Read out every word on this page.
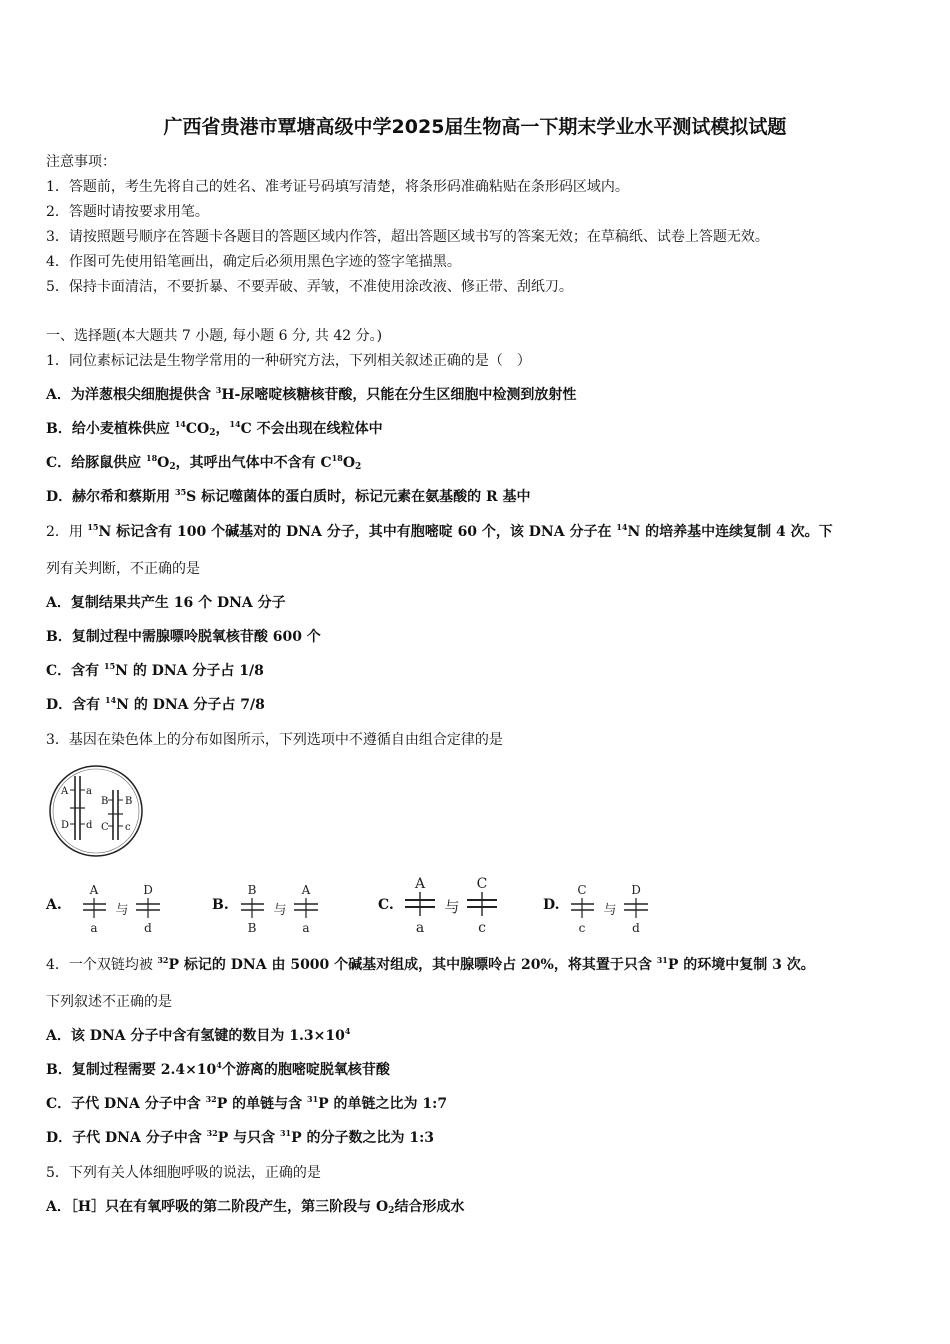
广西省贵港市覃塘高级中学2025届生物高一下期末学业水平测试模拟试题
注意事项：
1．答题前，考生先将自己的姓名、准考证号码填写清楚，将条形码准确粘贴在条形码区域内。
2．答题时请按要求用笔。
3．请按照题号顺序在答题卡各题目的答题区域内作答，超出答题区域书写的答案无效；在草稿纸、试卷上答题无效。
4．作图可先使用铅笔画出，确定后必须用黑色字迹的签字笔描黑。
5．保持卡面清洁，不要折暴、不要弄破、弄皱，不准使用涂改液、修正带、刮纸刀。
一、选择题(本大题共 7 小题, 每小题 6 分, 共 42 分。)
1．同位素标记法是生物学常用的一种研究方法，下列相关叙述正确的是（　）
A．为洋葱根尖细胞提供含 $^3$H-尿嘧啶核糖核苷酸，只能在分生区细胞中检测到放射性
B．给小麦植株供应 $^{14}CO_2$，$^{14}$C 不会出现在线粒体中
C．给豚鼠供应 $^{18}O_2$，其呼出气体中不含有 $C^{18}O_2$
D．赫尔希和蔡斯用 $^{35}$S 标记噬菌体的蛋白质时，标记元素在氨基酸的 R 基中
2．用 $^{15}$N 标记含有 100 个碱基对的 DNA 分子，其中有胞嘧啶 60 个，该 DNA 分子在 $^{14}$N 的培养基中连续复制 4 次。下
列有关判断，不正确的是
A．复制结果共产生 16 个 DNA 分子
B．复制过程中需腺嘌呤脱氧核苷酸 600 个
C．含有 $^{15}$N 的 DNA 分子占 1/8
D．含有 $^{14}$N 的 DNA 分子占 7/8
3．基因在染色体上的分布如图所示，下列选项中不遵循自由组合定律的是
A a
D d
B B
C c
A.
A
a
与
D
d
B.
B
B
与
A
a
C.
A
a
与
C
c
D.
C
c
与
D
d
4．一个双链均被 $^{32}$P 标记的 DNA 由 5000 个碱基对组成，其中腺嘌呤占 20%，将其置于只含 $^{31}$P 的环境中复制 3 次。
下列叙述不正确的是
A．该 DNA 分子中含有氢键的数目为 $1.3\times 10^4$
B．复制过程需要 $2.4\times 10^4$个游离的胞嘧啶脱氧核苷酸
C．子代 DNA 分子中含 $^{32}$P 的单链与含 $^{31}$P 的单链之比为 1:7
D．子代 DNA 分子中含 $^{32}$P 与只含 $^{31}$P 的分子数之比为 1:3
5．下列有关人体细胞呼吸的说法，正确的是
A．［H］只在有氧呼吸的第二阶段产生，第三阶段与 $O_2$结合形成水
